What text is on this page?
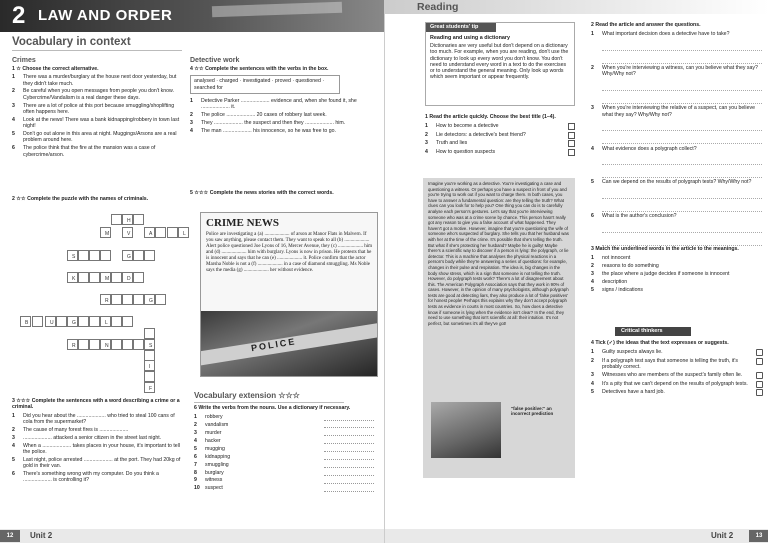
2 LAW AND ORDER
Vocabulary in context
Crimes
1 ☆ Choose the correct alternative.
1	There was a murder/burglary at the house next door yesterday, but they didn't take much.
2	Be careful when you open messages from people you don't know. Cybercrime/Vandalism is a real danger these days.
3	There are a lot of police at this port because smuggling/shoplifting often happens here.
4	Look at the news! There was a bank kidnapping/robbery in town last night!
5	Don't go out alone in this area at night. Muggings/Arsons are a real problem around here.
6	The police think that the fire at the mansion was a case of cybercrime/arson.
2 ☆☆ Complete the puzzle with the names of criminals.
H
M	V	A	L
S	G
K	M	D
R	G
B	U	G	L
R	N	S
I
F
3 ☆☆☆ Complete the sentences with a word describing a crime or a criminal.
1	Did you hear about the .................... who tried to steal 100 cans of cola from the supermarket?
2	The cause of many forest fires is ....................
3	.................... attacked a senior citizen in the street last night.
4	When a .................... takes places in your house, it's important to tell the police.
5	Last night, police arrested .................... at the port. They had 20kg of gold in their van.
6	There's something wrong with my computer. Do you think a .................... is controlling it?
Detective work
4 ☆☆ Complete the sentences with the verbs in the box.
analysed · charged · investigated · proved · questioned · searched for
1	Detective Parker .................... evidence and, when she found it, she .................... it.
2	The police .................... 20 cases of robbery last week.
3	They .................... the suspect and then they .................... him.
4	The man .................... his innocence, so he was free to go.
5 ☆☆☆ Complete the news stories with the correct words.
CRIME NEWS
Police are investigating a (a) .................... of arson at Manor Flats in Malvern. If you saw anything, please contact them. They want to speak to all (b) .................... Alert police questioned Joe Lyons of 16, Mercer Avenue, they (c) .................... him and (d) .................... him with burglary. Lyons is now in prison. He protests that he is innocent and says that he can (e) .................... it. Police confirm that the actor Marsha Noble is not a (f) .................... in a case of diamond smuggling. Ms Noble says the media (g) .................... her without evidence.
POLICE
Vocabulary extension ☆☆☆
6 Write the verbs from the nouns. Use a dictionary if necessary.
1	robbery
2	vandalism
3	murder
4	hacker
5	mugging
6	kidnapping
7	smuggling
8	burglary
9	witness
10 suspect
12	Unit 2
Reading
Great students' tip
Reading and using a dictionary
Dictionaries are very useful but don't depend on a dictionary too much. For example, when you are reading, don't use the dictionary to look up every word you don't know. You don't need to understand every word in a text to do the exercises or to understand the general meaning. Only look up words which seem important or appear frequently.
1 Read the article quickly. Choose the best title (1–4).
1	How to become a detective
2	Lie detectors: a detective's best friend?
3	Truth and lies
4	How to question suspects
Imagine you're working as a detective. You're investigating a case and questioning a witness. Or perhaps you have a suspect in front of you and you're trying to work out if you want to charge them. In both cases, you have to answer a fundamental question: are they telling the truth? What clues can you look for to help you? One thing you can do is to carefully analyse each person's gestures. Let's say that you're interviewing someone who was at a crime scene by chance. This person hasn't really got any reason to give you a false account of what happened. They haven't got a motive. However, imagine that you're questioning the wife of someone who's suspected of burglary. She tells you that her husband was with her at the time of the crime. It's possible that she's telling the truth. But what if she's protecting her husband? Maybe he is guilty! Maybe there's a scientific way to discover if a person is lying: the polygraph, or lie detector. This is a machine that analyses the physical reactions in a person's body while they're answering a series of questions: for example, changes in their pulse and respiration. The idea is, big changes in the body show stress, which is a sign that someone is not telling the truth. However, do polygraph tests work? There's a lot of disagreement about this. The American Polygraph Association says that they work in 90% of cases. However, in the opinion of many psychologists, although polygraph tests are good at detecting liars, they also produce a lot of 'false positives' for honest people! Perhaps this explains why they don't accept polygraph tests as evidence in courts in most countries. So, how does a detective know if someone is lying when the evidence isn't clear? In the end, they need to use something that isn't scientific at all: their intuition. It's not perfect, but sometimes it's all they've got!
"false positive:" an incorrect prediction
2 Read the article and answer the questions.
1	What important decision does a detective have to take?
2	When you're interviewing a witness, can you believe what they say? Why/Why not?
3	When you're interviewing the relative of a suspect, can you believe what they say? Why/Why not?
4	What evidence does a polygraph collect?
5	Can we depend on the results of polygraph tests? Why/Why not?
6	What is the author's conclusion?
3 Match the underlined words in the article to the meanings.
1	not innocent
2	reasons to do something
3	the place where a judge decides if someone is innocent
4	description
5	signs / indications
Critical thinkers
4 Tick (✓) the ideas that the text expresses or suggests.
1	Guilty suspects always lie.
2	If a polygraph test says that someone is telling the truth, it's probably correct.
3	Witnesses who are members of the suspect's family often lie.
4	It's a pity that we can't depend on the results of polygraph tests.
5	Detectives have a hard job.
Unit 2	13
